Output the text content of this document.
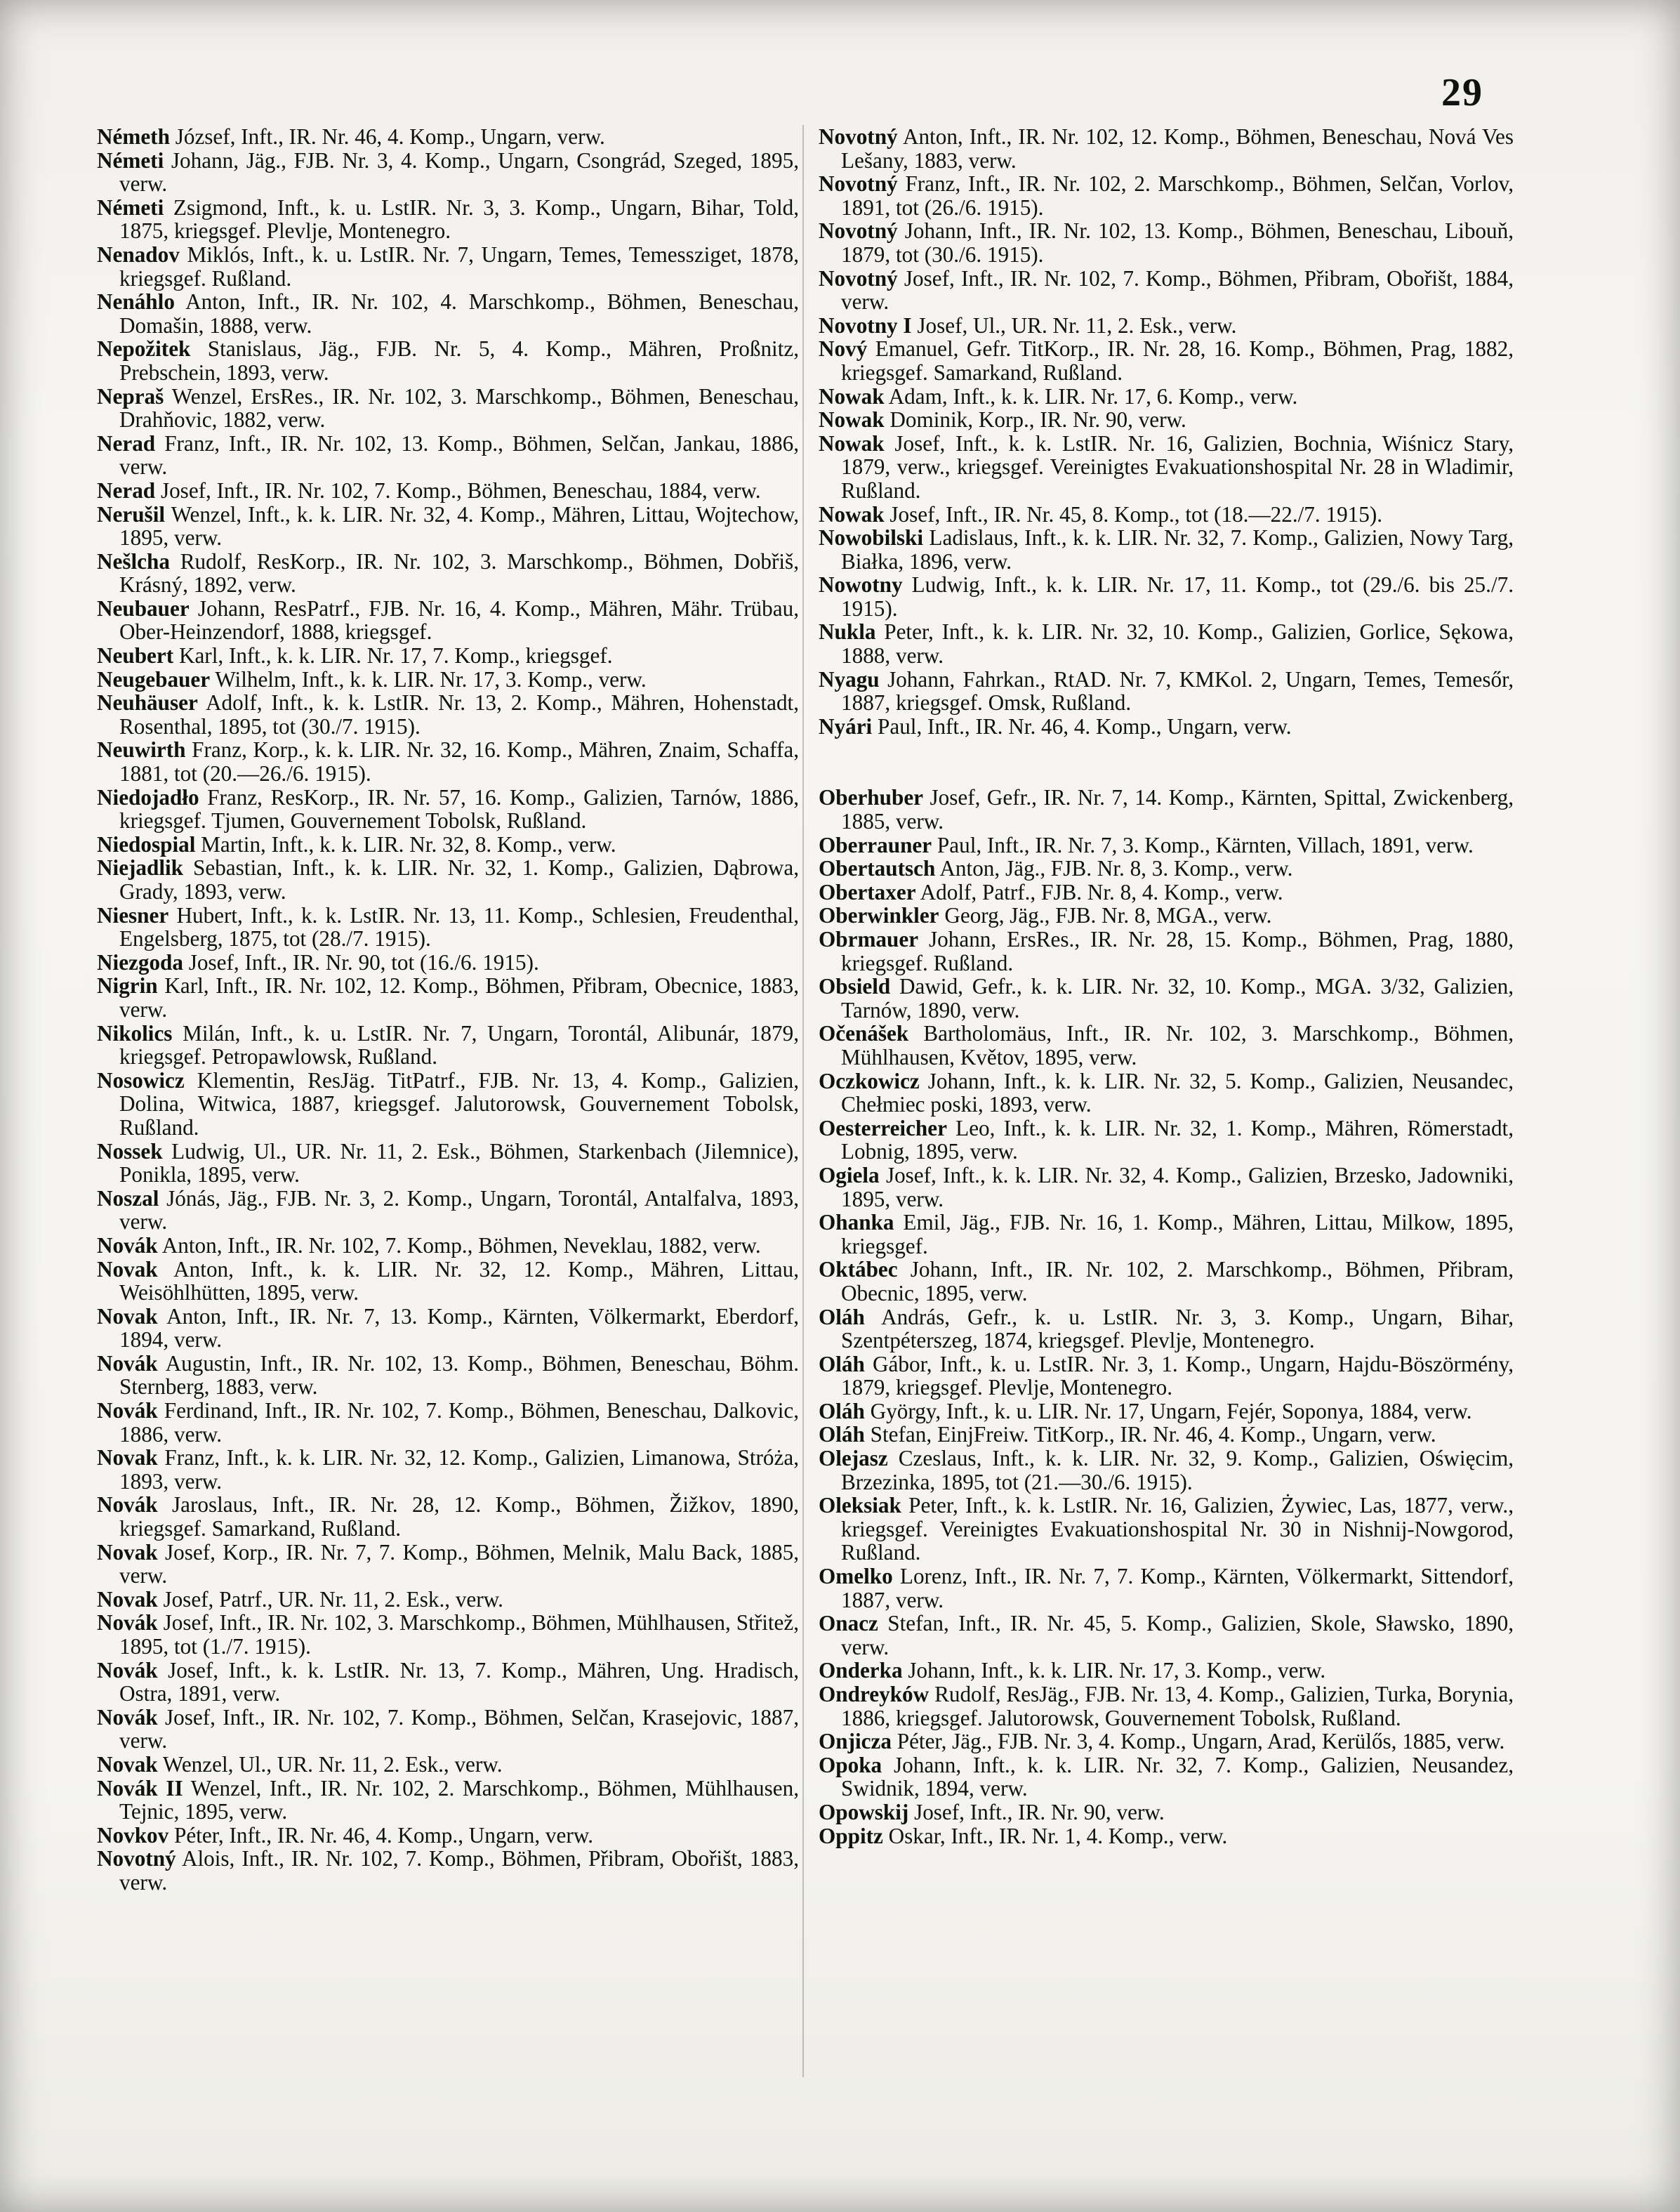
29

Németh József, Inft., IR. Nr. 46, 4. Komp., Ungarn, verw.

Németi Johann, Jäg., FJB. Nr. 3, 4. Komp., Ungarn, Csongrád, Szeged, 1895, verw.

Németi Zsigmond, Inft., k. u. LstIR. Nr. 3, 3. Komp., Ungarn, Bihar, Told, 1875, kriegsgef. Plevlje, Montenegro.

Nenadov Miklós, Inft., k. u. LstIR. Nr. 7, Ungarn, Temes, Temessziget, 1878, kriegsgef. Rußland.

Nenáhlo Anton, Inft., IR. Nr. 102, 4. Marschkomp., Böhmen, Beneschau, Domašin, 1888, verw.

Nepožitek Stanislaus, Jäg., FJB. Nr. 5, 4. Komp., Mähren, Proßnitz, Prebschein, 1893, verw.

Nepraš Wenzel, ErsRes., IR. Nr. 102, 3. Marschkomp., Böhmen, Beneschau, Drahňovic, 1882, verw.

Nerad Franz, Inft., IR. Nr. 102, 13. Komp., Böhmen, Selčan, Jankau, 1886, verw.

Nerad Josef, Inft., IR. Nr. 102, 7. Komp., Böhmen, Beneschau, 1884, verw.

Nerušil Wenzel, Inft., k. k. LIR. Nr. 32, 4. Komp., Mähren, Littau, Wojtechow, 1895, verw.

Nešlcha Rudolf, ResKorp., IR. Nr. 102, 3. Marschkomp., Böhmen, Dobřiš, Krásný, 1892, verw.

Neubauer Johann, ResPatrf., FJB. Nr. 16, 4. Komp., Mähren, Mähr. Trübau, Ober-Heinzendorf, 1888, kriegsgef.

Neubert Karl, Inft., k. k. LIR. Nr. 17, 7. Komp., kriegsgef.

Neugebauer Wilhelm, Inft., k. k. LIR. Nr. 17, 3. Komp., verw.

Neuhäuser Adolf, Inft., k. k. LstIR. Nr. 13, 2. Komp., Mähren, Hohenstadt, Rosenthal, 1895, tot (30./7. 1915).

Neuwirth Franz, Korp., k. k. LIR. Nr. 32, 16. Komp., Mähren, Znaim, Schaffa, 1881, tot (20.—26./6. 1915).

Niedojadło Franz, ResKorp., IR. Nr. 57, 16. Komp., Galizien, Tarnów, 1886, kriegsgef. Tjumen, Gouvernement Tobolsk, Rußland.

Niedospial Martin, Inft., k. k. LIR. Nr. 32, 8. Komp., verw.

Niejadlik Sebastian, Inft., k. k. LIR. Nr. 32, 1. Komp., Galizien, Dąbrowa, Grady, 1893, verw.

Niesner Hubert, Inft., k. k. LstIR. Nr. 13, 11. Komp., Schlesien, Freudenthal, Engelsberg, 1875, tot (28./7. 1915).

Niezgoda Josef, Inft., IR. Nr. 90, tot (16./6. 1915).

Nigrin Karl, Inft., IR. Nr. 102, 12. Komp., Böhmen, Přibram, Obecnice, 1883, verw.

Nikolics Milán, Inft., k. u. LstIR. Nr. 7, Ungarn, Torontál, Alibunár, 1879, kriegsgef. Petropawlowsk, Rußland.

Nosowicz Klementin, ResJäg. TitPatrf., FJB. Nr. 13, 4. Komp., Galizien, Dolina, Witwica, 1887, kriegsgef. Jalutorowsk, Gouvernement Tobolsk, Rußland.

Nossek Ludwig, Ul., UR. Nr. 11, 2. Esk., Böhmen, Starkenbach (Jilemnice), Ponikla, 1895, verw.

Noszal Jónás, Jäg., FJB. Nr. 3, 2. Komp., Ungarn, Torontál, Antalfalva, 1893, verw.

Novák Anton, Inft., IR. Nr. 102, 7. Komp., Böhmen, Neveklau, 1882, verw.

Novak Anton, Inft., k. k. LIR. Nr. 32, 12. Komp., Mähren, Littau, Weisöhlhütten, 1895, verw.

Novak Anton, Inft., IR. Nr. 7, 13. Komp., Kärnten, Völkermarkt, Eberdorf, 1894, verw.

Novák Augustin, Inft., IR. Nr. 102, 13. Komp., Böhmen, Beneschau, Böhm. Sternberg, 1883, verw.

Novák Ferdinand, Inft., IR. Nr. 102, 7. Komp., Böhmen, Beneschau, Dalkovic, 1886, verw.

Novak Franz, Inft., k. k. LIR. Nr. 32, 12. Komp., Galizien, Limanowa, Stróża, 1893, verw.

Novák Jaroslaus, Inft., IR. Nr. 28, 12. Komp., Böhmen, Žižkov, 1890, kriegsgef. Samarkand, Rußland.

Novak Josef, Korp., IR. Nr. 7, 7. Komp., Böhmen, Melnik, Malu Back, 1885, verw.

Novak Josef, Patrf., UR. Nr. 11, 2. Esk., verw.

Novák Josef, Inft., IR. Nr. 102, 3. Marschkomp., Böhmen, Mühlhausen, Střitež, 1895, tot (1./7. 1915).

Novák Josef, Inft., k. k. LstIR. Nr. 13, 7. Komp., Mähren, Ung. Hradisch, Ostra, 1891, verw.

Novák Josef, Inft., IR. Nr. 102, 7. Komp., Böhmen, Selčan, Krasejovic, 1887, verw.

Novak Wenzel, Ul., UR. Nr. 11, 2. Esk., verw.

Novák II Wenzel, Inft., IR. Nr. 102, 2. Marschkomp., Böhmen, Mühlhausen, Tejnic, 1895, verw.

Novkov Péter, Inft., IR. Nr. 46, 4. Komp., Ungarn, verw.

Novotný Alois, Inft., IR. Nr. 102, 7. Komp., Böhmen, Přibram, Obořišt, 1883, verw.

Novotný Anton, Inft., IR. Nr. 102, 12. Komp., Böhmen, Beneschau, Nová Ves Lešany, 1883, verw.

Novotný Franz, Inft., IR. Nr. 102, 2. Marschkomp., Böhmen, Selčan, Vorlov, 1891, tot (26./6. 1915).

Novotný Johann, Inft., IR. Nr. 102, 13. Komp., Böhmen, Beneschau, Libouň, 1879, tot (30./6. 1915).

Novotný Josef, Inft., IR. Nr. 102, 7. Komp., Böhmen, Přibram, Obořišt, 1884, verw.

Novotny I Josef, Ul., UR. Nr. 11, 2. Esk., verw.

Nový Emanuel, Gefr. TitKorp., IR. Nr. 28, 16. Komp., Böhmen, Prag, 1882, kriegsgef. Samarkand, Rußland.

Nowak Adam, Inft., k. k. LIR. Nr. 17, 6. Komp., verw.

Nowak Dominik, Korp., IR. Nr. 90, verw.

Nowak Josef, Inft., k. k. LstIR. Nr. 16, Galizien, Bochnia, Wiśnicz Stary, 1879, verw., kriegsgef. Vereinigtes Evakuationshospital Nr. 28 in Wladimir, Rußland.

Nowak Josef, Inft., IR. Nr. 45, 8. Komp., tot (18.—22./7. 1915).

Nowobilski Ladislaus, Inft., k. k. LIR. Nr. 32, 7. Komp., Galizien, Nowy Targ, Białka, 1896, verw.

Nowotny Ludwig, Inft., k. k. LIR. Nr. 17, 11. Komp., tot (29./6. bis 25./7. 1915).

Nukla Peter, Inft., k. k. LIR. Nr. 32, 10. Komp., Galizien, Gorlice, Sękowa, 1888, verw.

Nyagu Johann, Fahrkan., RtAD. Nr. 7, KMKol. 2, Ungarn, Temes, Temesőr, 1887, kriegsgef. Omsk, Rußland.

Nyári Paul, Inft., IR. Nr. 46, 4. Komp., Ungarn, verw.

Oberhuber Josef, Gefr., IR. Nr. 7, 14. Komp., Kärnten, Spittal, Zwickenberg, 1885, verw.

Oberrauner Paul, Inft., IR. Nr. 7, 3. Komp., Kärnten, Villach, 1891, verw.

Obertautsch Anton, Jäg., FJB. Nr. 8, 3. Komp., verw.

Obertaxer Adolf, Patrf., FJB. Nr. 8, 4. Komp., verw.

Oberwinkler Georg, Jäg., FJB. Nr. 8, MGA., verw.

Obrmauer Johann, ErsRes., IR. Nr. 28, 15. Komp., Böhmen, Prag, 1880, kriegsgef. Rußland.

Obsield Dawid, Gefr., k. k. LIR. Nr. 32, 10. Komp., MGA. 3/32, Galizien, Tarnów, 1890, verw.

Očenášek Bartholomäus, Inft., IR. Nr. 102, 3. Marschkomp., Böhmen, Mühlhausen, Květov, 1895, verw.

Oczkowicz Johann, Inft., k. k. LIR. Nr. 32, 5. Komp., Galizien, Neusandec, Chełmiec poski, 1893, verw.

Oesterreicher Leo, Inft., k. k. LIR. Nr. 32, 1. Komp., Mähren, Römerstadt, Lobnig, 1895, verw.

Ogiela Josef, Inft., k. k. LIR. Nr. 32, 4. Komp., Galizien, Brzesko, Jadowniki, 1895, verw.

Ohanka Emil, Jäg., FJB. Nr. 16, 1. Komp., Mähren, Littau, Milkow, 1895, kriegsgef.

Oktábec Johann, Inft., IR. Nr. 102, 2. Marschkomp., Böhmen, Přibram, Obecnic, 1895, verw.

Oláh András, Gefr., k. u. LstIR. Nr. 3, 3. Komp., Ungarn, Bihar, Szentpéterszeg, 1874, kriegsgef. Plevlje, Montenegro.

Oláh Gábor, Inft., k. u. LstIR. Nr. 3, 1. Komp., Ungarn, Hajdu-Böszörmény, 1879, kriegsgef. Plevlje, Montenegro.

Oláh György, Inft., k. u. LIR. Nr. 17, Ungarn, Fejér, Soponya, 1884, verw.

Oláh Stefan, EinjFreiw. TitKorp., IR. Nr. 46, 4. Komp., Ungarn, verw.

Olejasz Czeslaus, Inft., k. k. LIR. Nr. 32, 9. Komp., Galizien, Oświęcim, Brzezinka, 1895, tot (21.—30./6. 1915).

Oleksiak Peter, Inft., k. k. LstIR. Nr. 16, Galizien, Żywiec, Las, 1877, verw., kriegsgef. Vereinigtes Evakuationshospital Nr. 30 in Nishnij-Nowgorod, Rußland.

Omelko Lorenz, Inft., IR. Nr. 7, 7. Komp., Kärnten, Völkermarkt, Sittendorf, 1887, verw.

Onacz Stefan, Inft., IR. Nr. 45, 5. Komp., Galizien, Skole, Sławsko, 1890, verw.

Onderka Johann, Inft., k. k. LIR. Nr. 17, 3. Komp., verw.

Ondreyków Rudolf, ResJäg., FJB. Nr. 13, 4. Komp., Galizien, Turka, Borynia, 1886, kriegsgef. Jalutorowsk, Gouvernement Tobolsk, Rußland.

Onjicza Péter, Jäg., FJB. Nr. 3, 4. Komp., Ungarn, Arad, Kerülős, 1885, verw.

Opoka Johann, Inft., k. k. LIR. Nr. 32, 7. Komp., Galizien, Neusandez, Swidnik, 1894, verw.

Opowskij Josef, Inft., IR. Nr. 90, verw.

Oppitz Oskar, Inft., IR. Nr. 1, 4. Komp., verw.
